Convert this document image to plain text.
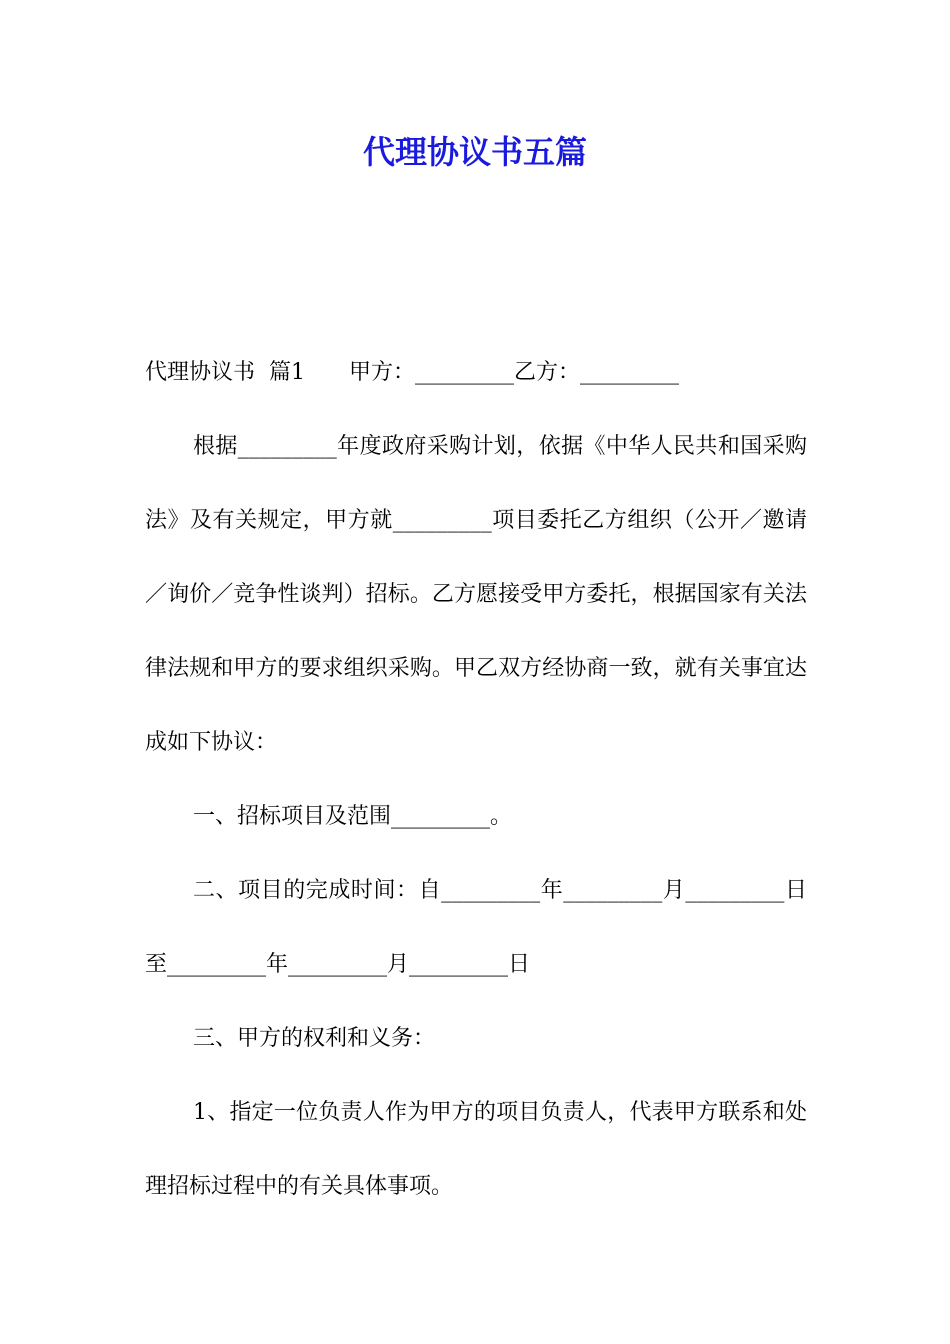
代理协议书五篇

代理协议书  篇1　　甲方：_________乙方：_________

根据_________年度政府采购计划，依据《中华人民共和国采购法》及有关规定，甲方就_________项目委托乙方组织（公开／邀请／询价／竞争性谈判）招标。乙方愿接受甲方委托，根据国家有关法律法规和甲方的要求组织采购。甲乙双方经协商一致，就有关事宜达成如下协议：

一、招标项目及范围_________。

二、项目的完成时间：自_________年_________月_________日至_________年_________月_________日

三、甲方的权利和义务：

1、指定一位负责人作为甲方的项目负责人，代表甲方联系和处理招标过程中的有关具体事项。
